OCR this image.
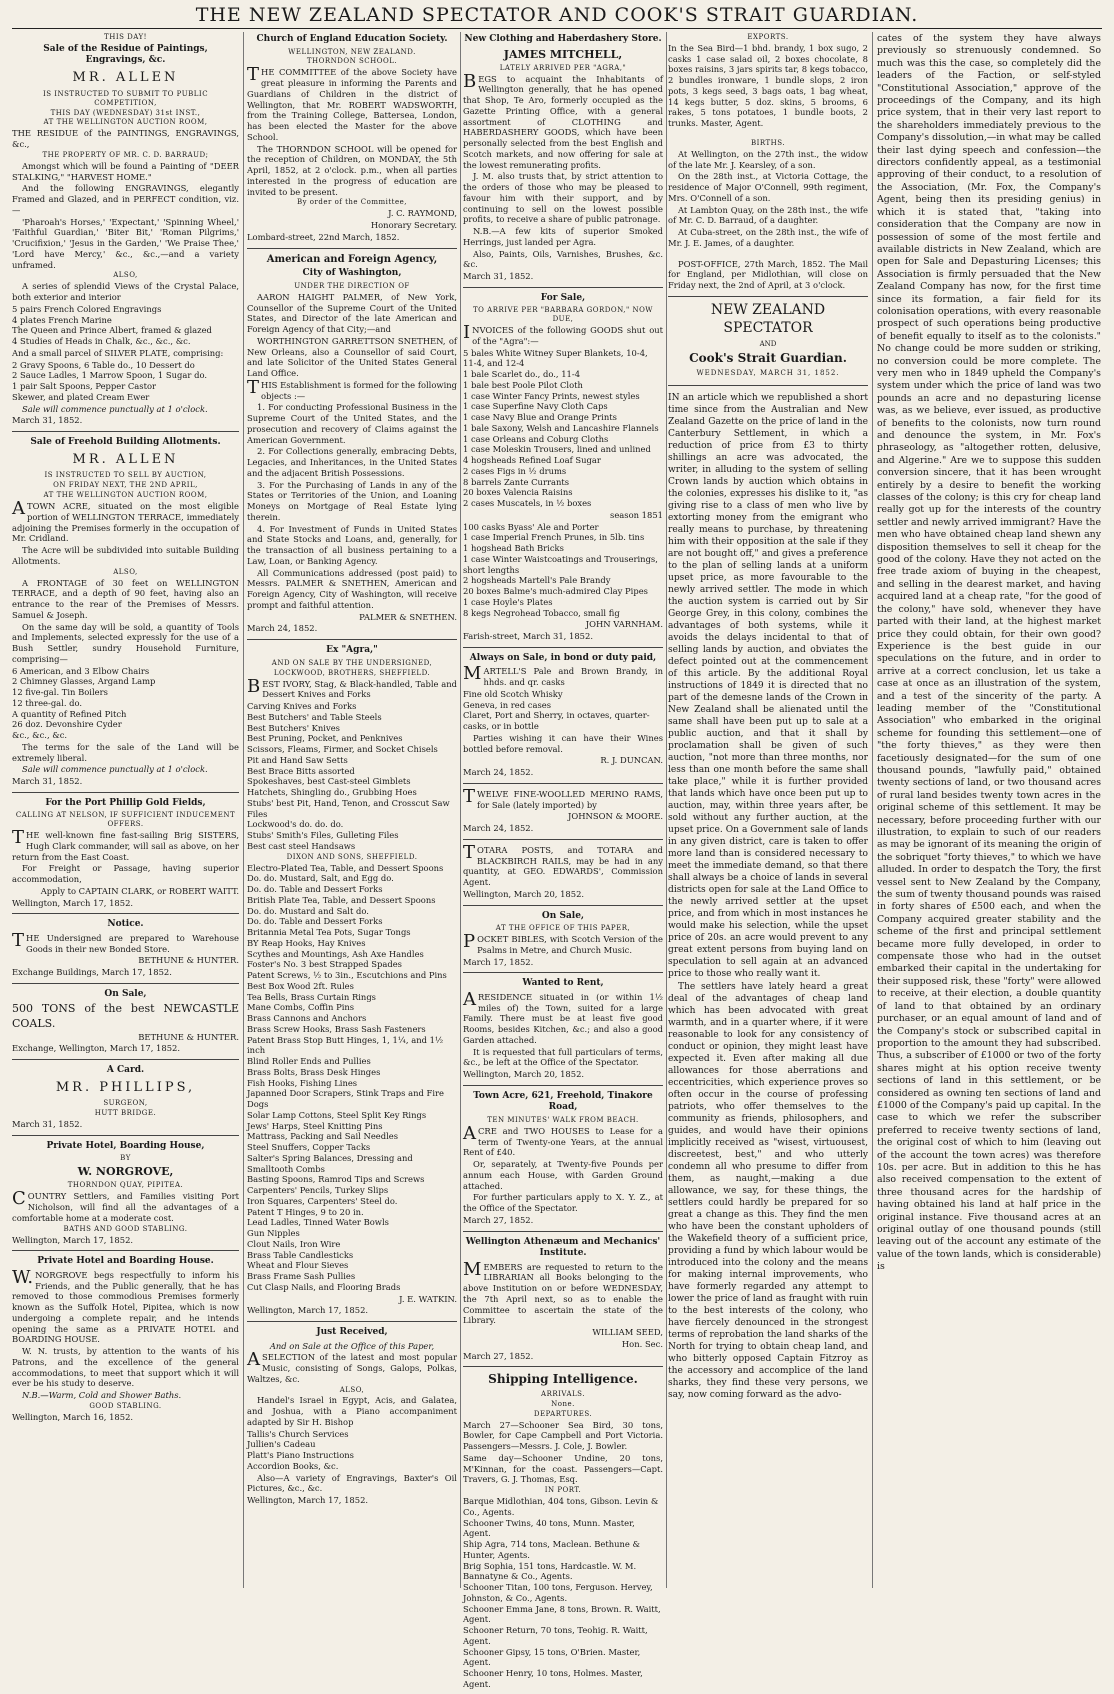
THE NEW ZEALAND SPECTATOR AND COOK'S STRAIT GUARDIAN.
THIS DAY!
Sale of the Residue of Paintings, Engravings, &c.
MR. ALLEN
IS INSTRUCTED TO SUBMIT TO PUBLIC COMPETITION,
THIS DAY (WEDNESDAY) 31st INST.,
AT THE WELLINGTON AUCTION ROOM,
THE RESIDUE of the PAINTINGS, ENGRAVINGS, &c.,
THE PROPERTY OF MR. C. D. BARRAUD;
Amongst which will be found a Painting of "DEER STALKING," "HARVEST HOME."
And the following ENGRAVINGS, elegantly Framed and Glazed, and in PERFECT condition, viz.—
'Pharoah's Horses,' 'Expectant,' 'Spinning Wheel,' 'Faithful Guardian,' 'Biter Bit,' 'Roman Pilgrims,' 'Crucifixion,' 'Jesus in the Garden,' 'We Praise Thee,' 'Lord have Mercy,' &c., &c.,—and a variety unframed.
ALSO,
A series of splendid Views of the Crystal Palace, both exterior and interior
5 pairs French Colored Engravings
4 plates French Marine
The Queen and Prince Albert, framed & glazed
4 Studies of Heads in Chalk, &c., &c., &c.
And a small parcel of SILVER PLATE, comprising:
2 Gravy Spoons, 6 Table do., 10 Dessert do
2 Sauce Ladles, 1 Marrow Spoon, 1 Sugar do.
1 pair Salt Spoons, Pepper Castor
Skewer, and plated Cream Ewer
Sale will commence punctually at 1 o'clock.
March 31, 1852.
Sale of Freehold Building Allotments.
MR. ALLEN
IS INSTRUCTED TO SELL BY AUCTION,
ON FRIDAY NEXT, THE 2ND APRIL,
AT THE WELLINGTON AUCTION ROOM,
ATOWN ACRE, situated on the most eligible portion of WELLINGTON TERRACE, immediately adjoining the Premises formerly in the occupation of Mr. Cridland.
The Acre will be subdivided into suitable Building Allotments.
ALSO,
A FRONTAGE of 30 feet on WELLINGTON TERRACE, and a depth of 90 feet, having also an entrance to the rear of the Premises of Messrs. Samuel & Joseph.
On the same day will be sold, a quantity of Tools and Implements, selected expressly for the use of a Bush Settler, sundry Household Furniture, comprising—
6 American, and 3 Elbow Chairs
2 Chimney Glasses, Argand Lamp
12 five-gal. Tin Boilers
12 three-gal. do.
A quantity of Refined Pitch
26 doz. Devonshire Cyder
&c., &c., &c.
The terms for the sale of the Land will be extremely liberal.
Sale will commence punctually at 1 o'clock.
March 31, 1852.
For the Port Phillip Gold Fields,
CALLING AT NELSON, IF SUFFICIENT INDUCEMENT OFFERS.
THE well-known fine fast-sailing Brig SISTERS, Hugh Clark commander, will sail as above, on her return from the East Coast.
For Freight or Passage, having superior accommodation,
Apply to CAPTAIN CLARK, or ROBERT WAITT.
Wellington, March 17, 1852.
Notice.
THE Undersigned are prepared to Warehouse Goods in their new Bonded Store.
BETHUNE & HUNTER.
Exchange Buildings, March 17, 1852.
On Sale,
500 TONS of the best NEWCASTLE COALS.
BETHUNE & HUNTER.
Exchange, Wellington, March 17, 1852.
A Card.
MR. PHILLIPS,
SURGEON,
HUTT BRIDGE.
March 31, 1852.
Private Hotel, Boarding House,
BY
W. NORGROVE,
THORNDON QUAY, PIPITEA.
COUNTRY Settlers, and Families visiting Port Nicholson, will find all the advantages of a comfortable home at a moderate cost.
BATHS AND GOOD STABLING.
Wellington, March 17, 1852.
Private Hotel and Boarding House.
W.NORGROVE begs respectfully to inform his Friends, and the Public generally, that he has removed to those commodious Premises formerly known as the Suffolk Hotel, Pipitea, which is now undergoing a complete repair, and he intends opening the same as a PRIVATE HOTEL and BOARDING HOUSE.
W. N. trusts, by attention to the wants of his Patrons, and the excellence of the general accommodations, to meet that support which it will ever be his study to deserve.
N.B.—Warm, Cold and Shower Baths.
GOOD STABLING.
Wellington, March 16, 1852.
Church of England Education Society.
WELLINGTON, NEW ZEALAND.
THORNDON SCHOOL.
THE COMMITTEE of the above Society have great pleasure in informing the Parents and Guardians of Children in the district of Wellington, that Mr. ROBERT WADSWORTH, from the Training College, Battersea, London, has been elected the Master for the above School.
The THORNDON SCHOOL will be opened for the reception of Children, on MONDAY, the 5th April, 1852, at 2 o'clock. p.m., when all parties interested in the progress of education are invited to be present.
By order of the Committee,
J. C. RAYMOND,
Honorary Secretary.
Lombard-street, 22nd March, 1852.
American and Foreign Agency,
City of Washington,
UNDER THE DIRECTION OF
AARON HAIGHT PALMER, of New York, Counsellor of the Supreme Court of the United States, and Director of the late American and Foreign Agency of that City;—and
WORTHINGTON GARRETTSON SNETHEN, of New Orleans, also a Counsellor of said Court, and late Solicitor of the United States General Land Office.
THIS Establishment is formed for the following objects :—
1. For conducting Professional Business in the Supreme Court of the United States, and the prosecution and recovery of Claims against the American Government.
2. For Collections generally, embracing Debts, Legacies, and Inheritances, in the United States and the adjacent British Possessions.
3. For the Purchasing of Lands in any of the States or Territories of the Union, and Loaning Moneys on Mortgage of Real Estate lying therein.
4. For Investment of Funds in United States and State Stocks and Loans, and, generally, for the transaction of all business pertaining to a Law, Loan, or Banking Agency.
All Communications addressed (post paid) to Messrs. PALMER & SNETHEN, American and Foreign Agency, City of Washington, will receive prompt and faithful attention.
PALMER & SNETHEN.
March 24, 1852.
Ex "Agra,"
AND ON SALE BY THE UNDERSIGNED,
LOCKWOOD, BROTHERS, SHEFFIELD.
BEST IVORY, Stag, & Black-handled, Table and Dessert Knives and Forks
Carving Knives and Forks
Best Butchers' and Table Steels
Best Butchers' Knives
Best Pruning, Pocket, and Penknives
Scissors, Fleams, Firmer, and Socket Chisels
Pit and Hand Saw Setts
Best Brace Bitts assorted
Spokeshaves, best Cast-steel Gimblets
Hatchets, Shingling do., Grubbing Hoes
Stubs' best Pit, Hand, Tenon, and Crosscut Saw Files
Lockwood's do. do. do.
Stubs' Smith's Files, Gulleting Files
Best cast steel Handsaws
DIXON AND SONS, SHEFFIELD.
Electro-Plated Tea, Table, and Dessert Spoons
Do. do. Mustard, Salt, and Egg do.
Do. do. Table and Dessert Forks
British Plate Tea, Table, and Dessert Spoons
Do. do. Mustard and Salt do.
Do. do. Table and Dessert Forks
Britannia Metal Tea Pots, Sugar Tongs
BY Reap Hooks, Hay Knives
Scythes and Mountings, Ash Axe Handles
Foster's No. 3 best Strapped Spades
Patent Screws, ½ to 3in., Escutchions and Pins
Best Box Wood 2ft. Rules
Tea Bells, Brass Curtain Rings
Mane Combs, Coffin Pins
Brass Cannons and Anchors
Brass Screw Hooks, Brass Sash Fasteners
Patent Brass Stop Butt Hinges, 1, 1¼, and 1½ inch
Blind Roller Ends and Pullies
Brass Bolts, Brass Desk Hinges
Fish Hooks, Fishing Lines
Japanned Door Scrapers, Stink Traps and Fire Dogs
Solar Lamp Cottons, Steel Split Key Rings
Jews' Harps, Steel Knitting Pins
Mattrass, Packing and Sail Needles
Steel Snuffers, Copper Tacks
Salter's Spring Balances, Dressing and Smalltooth Combs
Basting Spoons, Ramrod Tips and Screws
Carpenters' Pencils, Turkey Slips
Iron Squares, Carpenters' Steel do.
Patent T Hinges, 9 to 20 in.
Lead Ladles, Tinned Water Bowls
Gun Nipples
Clout Nails, Iron Wire
Brass Table Candlesticks
Wheat and Flour Sieves
Brass Frame Sash Pullies
Cut Clasp Nails, and Flooring Brads
J. E. WATKIN.
Wellington, March 17, 1852.
Just Received,
And on Sale at the Office of this Paper,
ASELECTION of the latest and most popular Music, consisting of Songs, Galops, Polkas, Waltzes, &c.
ALSO,
Handel's Israel in Egypt, Acis, and Galatea, and Joshua, with a Piano accompaniment adapted by Sir H. Bishop
Tallis's Church Services
Jullien's Cadeau
Platt's Piano Instructions
Accordion Books, &c.
Also—A variety of Engravings, Baxter's Oil Pictures, &c., &c.
Wellington, March 17, 1852.
New Clothing and Haberdashery Store.
JAMES MITCHELL,
LATELY ARRIVED PER "AGRA,"
BEGS to acquaint the Inhabitants of Wellington generally, that he has opened that Shop, Te Aro, formerly occupied as the Gazette Printing Office, with a general assortment of CLOTHING and HABERDASHERY GOODS, which have been personally selected from the best English and Scotch markets, and now offering for sale at the lowest remunerating profits.
J. M. also trusts that, by strict attention to the orders of those who may be pleased to favour him with their support, and by continuing to sell on the lowest possible profits, to receive a share of public patronage.
N.B.—A few kits of superior Smoked Herrings, just landed per Agra.
Also, Paints, Oils, Varnishes, Brushes, &c. &c.
March 31, 1852.
For Sale,
TO ARRIVE PER "BARBARA GORDON," NOW DUE,
INVOICES of the following GOODS shut out of the "Agra":—
5 bales White Witney Super Blankets, 10-4, 11-4, and 12-4
1 bale Scarlet do., do., 11-4
1 bale best Poole Pilot Cloth
1 case Winter Fancy Prints, newest styles
1 case Superfine Navy Cloth Caps
1 case Navy Blue and Orange Prints
1 bale Saxony, Welsh and Lancashire Flannels
1 case Orleans and Coburg Cloths
1 case Moleskin Trousers, lined and unlined
4 hogsheads Refined Loaf Sugar
2 cases Figs in ½ drums
8 barrels Zante Currants
20 boxes Valencia Raisins
2 cases Muscatels, in ½ boxes
season 1851
100 casks Byass' Ale and Porter
1 case Imperial French Prunes, in 5lb. tins
1 hogshead Bath Bricks
1 case Winter Waistcoatings and Trouserings, short lengths
2 hogsheads Martell's Pale Brandy
20 boxes Balme's much-admired Clay Pipes
1 case Hoyle's Plates
8 kegs Negrohead Tobacco, small fig
JOHN VARNHAM.
Farish-street, March 31, 1852.
Always on Sale, in bond or duty paid,
MARTELL'S Pale and Brown Brandy, in hhds. and qr. casks
Fine old Scotch Whisky
Geneva, in red cases
Claret, Port and Sherry, in octaves, quarter-casks, or in bottle
Parties wishing it can have their Wines bottled before removal.
R. J. DUNCAN.
March 24, 1852.
TWELVE FINE-WOOLLED MERINO RAMS, for Sale (lately imported) by
JOHNSON & MOORE.
March 24, 1852.
TOTARA POSTS, and TOTARA and BLACKBIRCH RAILS, may be had in any quantity, at GEO. EDWARDS', Commission Agent.
Wellington, March 20, 1852.
On Sale,
AT THE OFFICE OF THIS PAPER,
POCKET BIBLES, with Scotch Version of the Psalms in Metre, and Church Music.
March 17, 1852.
Wanted to Rent,
ARESIDENCE situated in (or within 1½ miles of) the Town, suited for a large Family. There must be at least five good Rooms, besides Kitchen, &c.; and also a good Garden attached.
It is requested that full particulars of terms, &c., be left at the Office of the Spectator.
Wellington, March 20, 1852.
Town Acre, 621, Freehold, Tinakore Road,
TEN MINUTES' WALK FROM BEACH.
ACRE and TWO HOUSES to Lease for a term of Twenty-one Years, at the annual Rent of £40.
Or, separately, at Twenty-five Pounds per annum each House, with Garden Ground attached.
For further particulars apply to X. Y. Z., at the Office of the Spectator.
March 27, 1852.
Wellington Athenæum and Mechanics' Institute.
MEMBERS are requested to return to the LIBRARIAN all Books belonging to the above Institution on or before WEDNESDAY, the 7th April next, so as to enable the Committee to ascertain the state of the Library.
WILLIAM SEED,
Hon. Sec.
March 27, 1852.
Shipping Intelligence.
ARRIVALS.
None.
DEPARTURES.
March 27—Schooner Sea Bird, 30 tons, Bowler, for Cape Campbell and Port Victoria. Passengers—Messrs. J. Cole, J. Bowler.
Same day—Schooner Undine, 20 tons, M'Kinnan, for the coast. Passengers—Capt. Travers, G. J. Thomas, Esq.
IN PORT.
Barque Midlothian, 404 tons, Gibson. Levin & Co., Agents.
Schooner Twins, 40 tons, Munn. Master, Agent.
Ship Agra, 714 tons, Maclean. Bethune & Hunter, Agents.
Brig Sophia, 151 tons, Hardcastle. W. M. Bannatyne & Co., Agents.
Schooner Titan, 100 tons, Ferguson. Hervey, Johnston, & Co., Agents.
Schooner Emma Jane, 8 tons, Brown. R. Waitt, Agent.
Schooner Return, 70 tons, Teohig. R. Waitt, Agent.
Schooner Gipsy, 15 tons, O'Brien. Master, Agent.
Schooner Henry, 10 tons, Holmes. Master, Agent.
EXPORTS.
In the Sea Bird—1 bhd. brandy, 1 box sugo, 2 casks 1 case salad oil, 2 boxes chocolate, 8 boxes raisins, 3 jars spirits tar, 8 kegs tobacco, 2 bundles ironware, 1 bundle slops, 2 iron pots, 3 kegs seed, 3 bags oats, 1 bag wheat, 14 kegs butter, 5 doz. skins, 5 brooms, 6 rakes, 5 tons potatoes, 1 bundle boots, 2 trunks. Master, Agent.
BIRTHS.
At Wellington, on the 27th inst., the widow of the late Mr. J. Kearsley, of a son.
On the 28th inst., at Victoria Cottage, the residence of Major O'Connell, 99th regiment, Mrs. O'Connell of a son.
At Lambton Quay, on the 28th inst., the wife of Mr. C. D. Barraud, of a daughter.
At Cuba-street, on the 28th inst., the wife of Mr. J. E. James, of a daughter.
POST-OFFICE, 27th March, 1852. The Mail for England, per Midlothian, will close on Friday next, the 2nd of April, at 3 o'clock.
NEW ZEALAND SPECTATOR
AND
Cook's Strait Guardian.
WEDNESDAY, MARCH 31, 1852.
IN an article which we republished a short time since from the Australian and New Zealand Gazette on the price of land in the Canterbury Settlement, in which a reduction of price from £3 to thirty shillings an acre was advocated, the writer, in alluding to the system of selling Crown lands by auction which obtains in the colonies, expresses his dislike to it, "as giving rise to a class of men who live by extorting money from the emigrant who really means to purchase, by threatening him with their opposition at the sale if they are not bought off," and gives a preference to the plan of selling lands at a uniform upset price, as more favourable to the newly arrived settler. The mode in which the auction system is carried out by Sir George Grey, in this colony, combines the advantages of both systems, while it avoids the delays incidental to that of selling lands by auction, and obviates the defect pointed out at the commencement of this article. By the additional Royal instructions of 1849 it is directed that no part of the demesne lands of the Crown in New Zealand shall be alienated until the same shall have been put up to sale at a public auction, and that it shall by proclamation shall be given of such auction, "not more than three months, nor less than one month before the same shall take place," while it is further provided that lands which have once been put up to auction, may, within three years after, be sold without any further auction, at the upset price. On a Government sale of lands in any given district, care is taken to offer more land than is considered necessary to meet the immediate demand, so that there shall always be a choice of lands in several districts open for sale at the Land Office to the newly arrived settler at the upset price, and from which in most instances he would make his selection, while the upset price of 20s. an acre would prevent to any great extent persons from buying land on speculation to sell again at an advanced price to those who really want it.
The settlers have lately heard a great deal of the advantages of cheap land which has been advocated with great warmth, and in a quarter where, if it were reasonable to look for any consistency of conduct or opinion, they might least have expected it. Even after making all due allowances for those aberrations and eccentricities, which experience proves so often occur in the course of professing patriots, who offer themselves to the community as friends, philosophers, and guides, and would have their opinions implicitly received as "wisest, virtuousest, discreetest, best," and who utterly condemn all who presume to differ from them, as naught,—making a due allowance, we say, for these things, the settlers could hardly be prepared for so great a change as this. They find the men who have been the constant upholders of the Wakefield theory of a sufficient price, providing a fund by which labour would be introduced into the colony and the means for making internal improvements, who have formerly regarded any attempt to lower the price of land as fraught with ruin to the best interests of the colony, who have fiercely denounced in the strongest terms of reprobation the land sharks of the North for trying to obtain cheap land, and who bitterly opposed Captain Fitzroy as the accessory and accomplice of the land sharks, they find these very persons, we say, now coming forward as the advo-
cates of the system they have always previously so strenuously condemned. So much was this the case, so completely did the leaders of the Faction, or self-styled "Constitutional Association," approve of the proceedings of the Company, and its high price system, that in their very last report to the shareholders immediately previous to the Company's dissolution,—in what may be called their last dying speech and confession—the directors confidently appeal, as a testimonial approving of their conduct, to a resolution of the Association, (Mr. Fox, the Company's Agent, being then its presiding genius) in which it is stated that, "taking into consideration that the Company are now in possession of some of the most fertile and available districts in New Zealand, which are open for Sale and Depasturing Licenses; this Association is firmly persuaded that the New Zealand Company has now, for the first time since its formation, a fair field for its colonisation operations, with every reasonable prospect of such operations being productive of benefit equally to itself as to the colonists." No change could be more sudden or striking, no conversion could be more complete. The very men who in 1849 upheld the Company's system under which the price of land was two pounds an acre and no depasturing license was, as we believe, ever issued, as productive of benefits to the colonists, now turn round and denounce the system, in Mr. Fox's phraseology, as "altogether rotten, delusive, and Algerine." Are we to suppose this sudden conversion sincere, that it has been wrought entirely by a desire to benefit the working classes of the colony; is this cry for cheap land really got up for the interests of the country settler and newly arrived immigrant? Have the men who have obtained cheap land shewn any disposition themselves to sell it cheap for the good of the colony. Have they not acted on the free trade axiom of buying in the cheapest, and selling in the dearest market, and having acquired land at a cheap rate, "for the good of the colony," have sold, whenever they have parted with their land, at the highest market price they could obtain, for their own good? Experience is the best guide in our speculations on the future, and in order to arrive at a correct conclusion, let us take a case at once as an illustration of the system, and a test of the sincerity of the party. A leading member of the "Constitutional Association" who embarked in the original scheme for founding this settlement—one of "the forty thieves," as they were then facetiously designated—for the sum of one thousand pounds, "lawfully paid," obtained twenty sections of land, or two thousand acres of rural land besides twenty town acres in the original scheme of this settlement. It may be necessary, before proceeding further with our illustration, to explain to such of our readers as may be ignorant of its meaning the origin of the sobriquet "forty thieves," to which we have alluded. In order to despatch the Tory, the first vessel sent to New Zealand by the Company, the sum of twenty thousand pounds was raised in forty shares of £500 each, and when the Company acquired greater stability and the scheme of the first and principal settlement became more fully developed, in order to compensate those who had in the outset embarked their capital in the undertaking for their supposed risk, these "forty" were allowed to receive, at their election, a double quantity of land to that obtained by an ordinary purchaser, or an equal amount of land and of the Company's stock or subscribed capital in proportion to the amount they had subscribed. Thus, a subscriber of £1000 or two of the forty shares might at his option receive twenty sections of land in this settlement, or be considered as owning ten sections of land and £1000 of the Company's paid up capital. In the case to which we refer the subscriber preferred to receive twenty sections of land, the original cost of which to him (leaving out of the account the town acres) was therefore 10s. per acre. But in addition to this he has also received compensation to the extent of three thousand acres for the hardship of having obtained his land at half price in the original instance. Five thousand acres at an original outlay of one thousand pounds (still leaving out of the account any estimate of the value of the town lands, which is considerable) is
